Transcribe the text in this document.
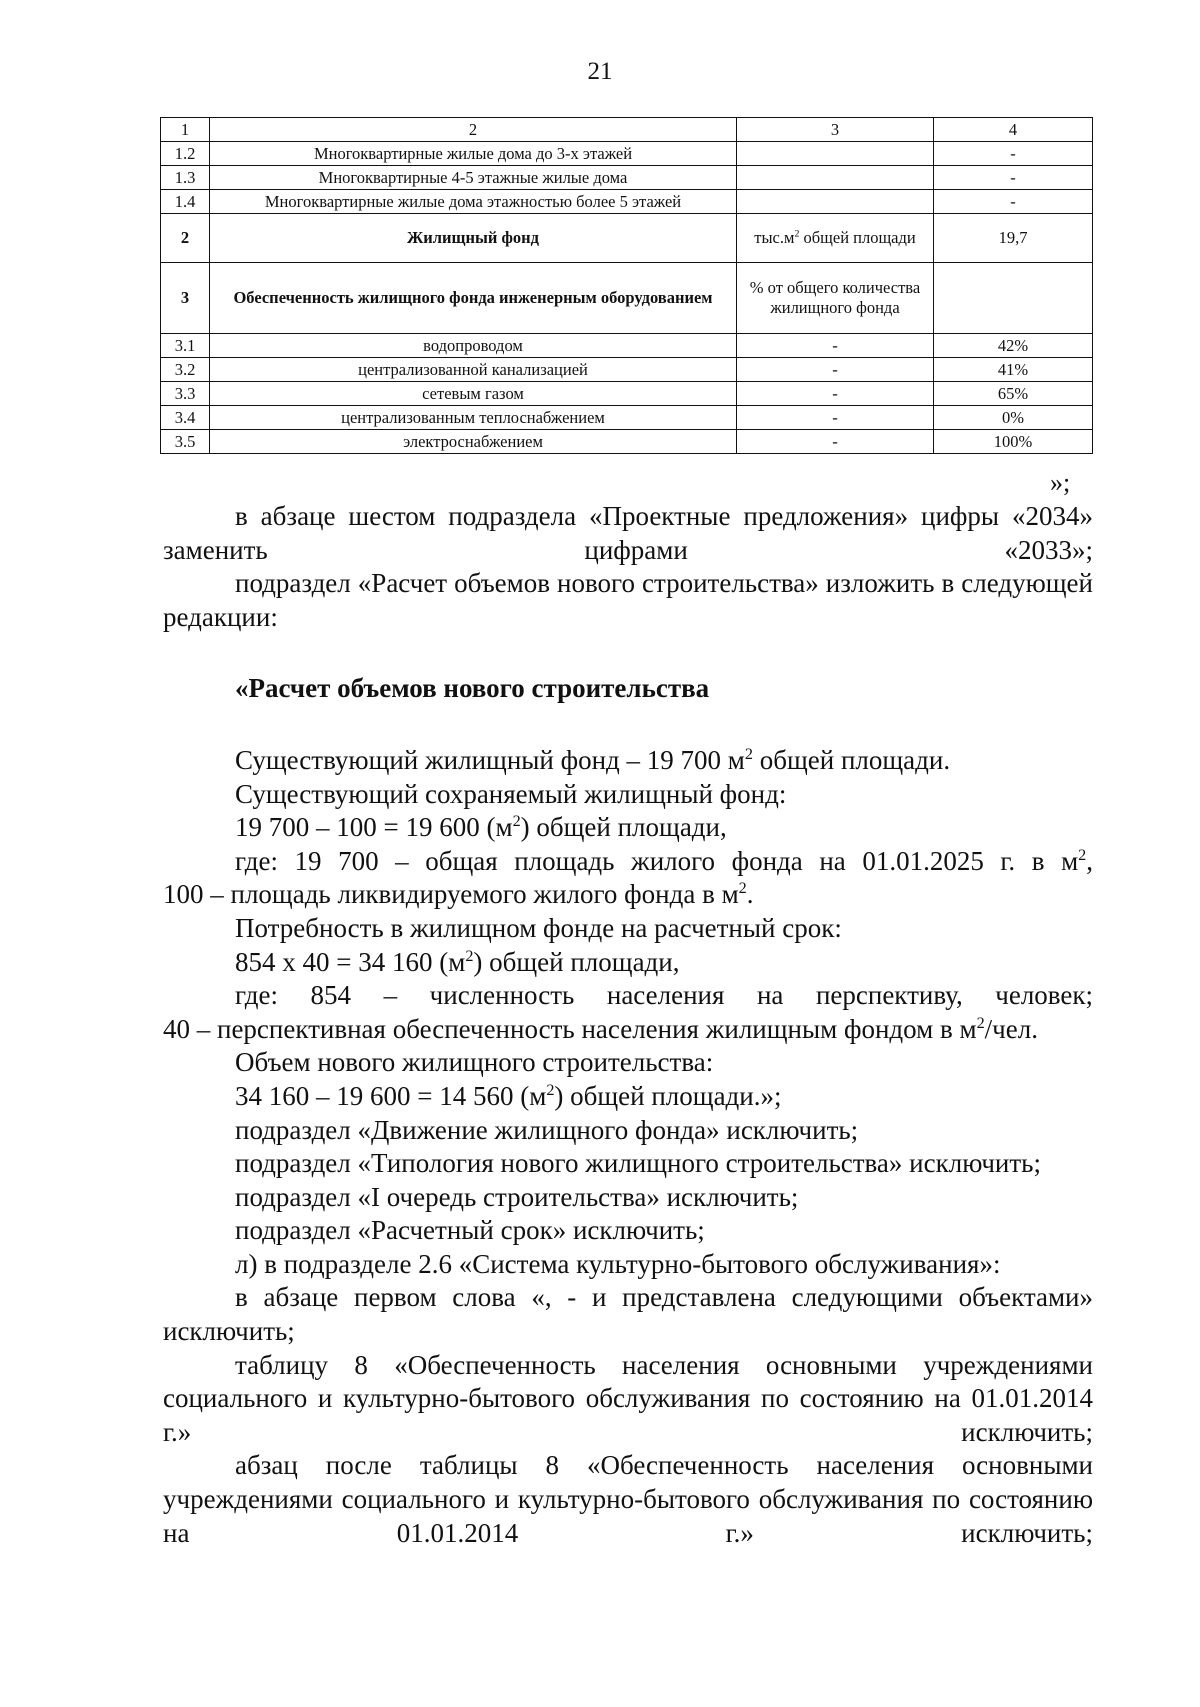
21
1	2	3	4
1.2	Многоквартирные жилые дома до 3-х этажей		-
1.3	Многоквартирные 4-5 этажные жилые дома		-
1.4	Многоквартирные жилые дома этажностью более 5 этажей		-
2	Жилищный фонд	$тыс.м^2$ общей площади	19,7
3	Обеспеченность жилищного фонда инженерным оборудованием	% от общего количества жилищного фонда	
3.1	водопроводом	-	42%
3.2	централизованной канализацией	-	41%
3.3	сетевым газом	-	65%
3.4	централизованным теплоснабжением	-	0%
3.5	электроснабжением	-	100%
»;

в абзаце шестом подраздела «Проектные предложения» цифры «2034» заменить цифрами «2033»;

подраздел «Расчет объемов нового строительства» изложить в следующей редакции:

«Расчет объемов нового строительства

Существующий жилищный фонд – 19 700 $м^2$ общей площади.

Существующий сохраняемый жилищный фонд:

19 700 – 100 = 19 600 $(м^2)$ общей площади,

где: 19 700 – общая площадь жилого фонда на 01.01.2025 г. в $м^2$,

100 – площадь ликвидируемого жилого фонда в $м^2$.

Потребность в жилищном фонде на расчетный срок:

854 х 40 = 34 160 $(м^2)$ общей площади,

где: 854 – численность населения на перспективу, человек;

40 – перспективная обеспеченность населения жилищным фондом в $м^2$/чел.

Объем нового жилищного строительства:

34 160 – 19 600 = 14 560 $(м^2)$ общей площади.»;

подраздел «Движение жилищного фонда» исключить;

подраздел «Типология нового жилищного строительства» исключить;

подраздел «I очередь строительства» исключить;

подраздел «Расчетный срок» исключить;

л) в подразделе 2.6 «Система культурно-бытового обслуживания»:

в абзаце первом слова «, - и представлена следующими объектами» исключить;

таблицу 8 «Обеспеченность населения основными учреждениями социального и культурно-бытового обслуживания по состоянию на 01.01.2014 г.» исключить;

абзац после таблицы 8 «Обеспеченность населения основными учреждениями социального и культурно-бытового обслуживания по состоянию на 01.01.2014 г.» исключить;
